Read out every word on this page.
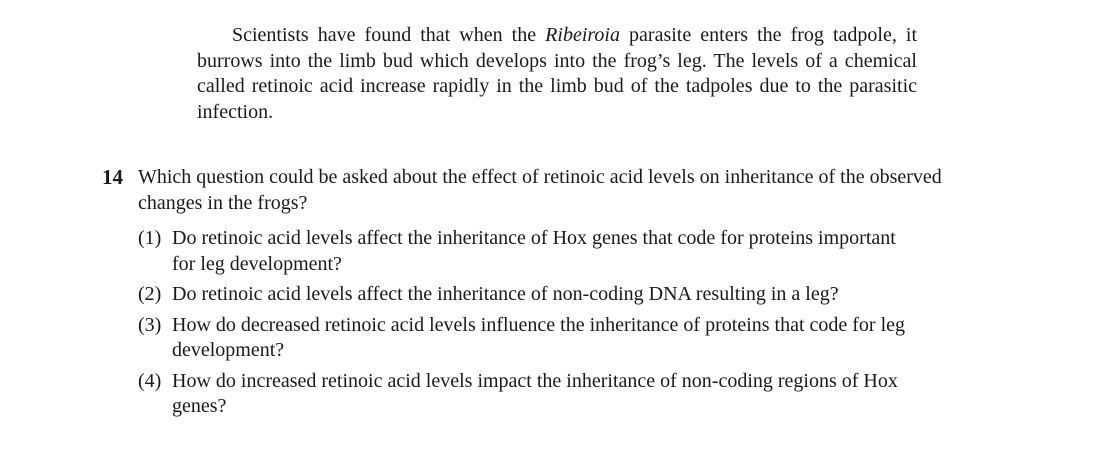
Scientists have found that when the Ribeiroia parasite enters the frog tadpole, it burrows into the limb bud which develops into the frog’s leg. The levels of a chemical called retinoic acid increase rapidly in the limb bud of the tadpoles due to the parasitic infection.
14 Which question could be asked about the effect of retinoic acid levels on inheritance of the observed changes in the frogs?
(1) Do retinoic acid levels affect the inheritance of Hox genes that code for proteins important for leg development?
(2) Do retinoic acid levels affect the inheritance of non-coding DNA resulting in a leg?
(3) How do decreased retinoic acid levels influence the inheritance of proteins that code for leg development?
(4) How do increased retinoic acid levels impact the inheritance of non-coding regions of Hox genes?
